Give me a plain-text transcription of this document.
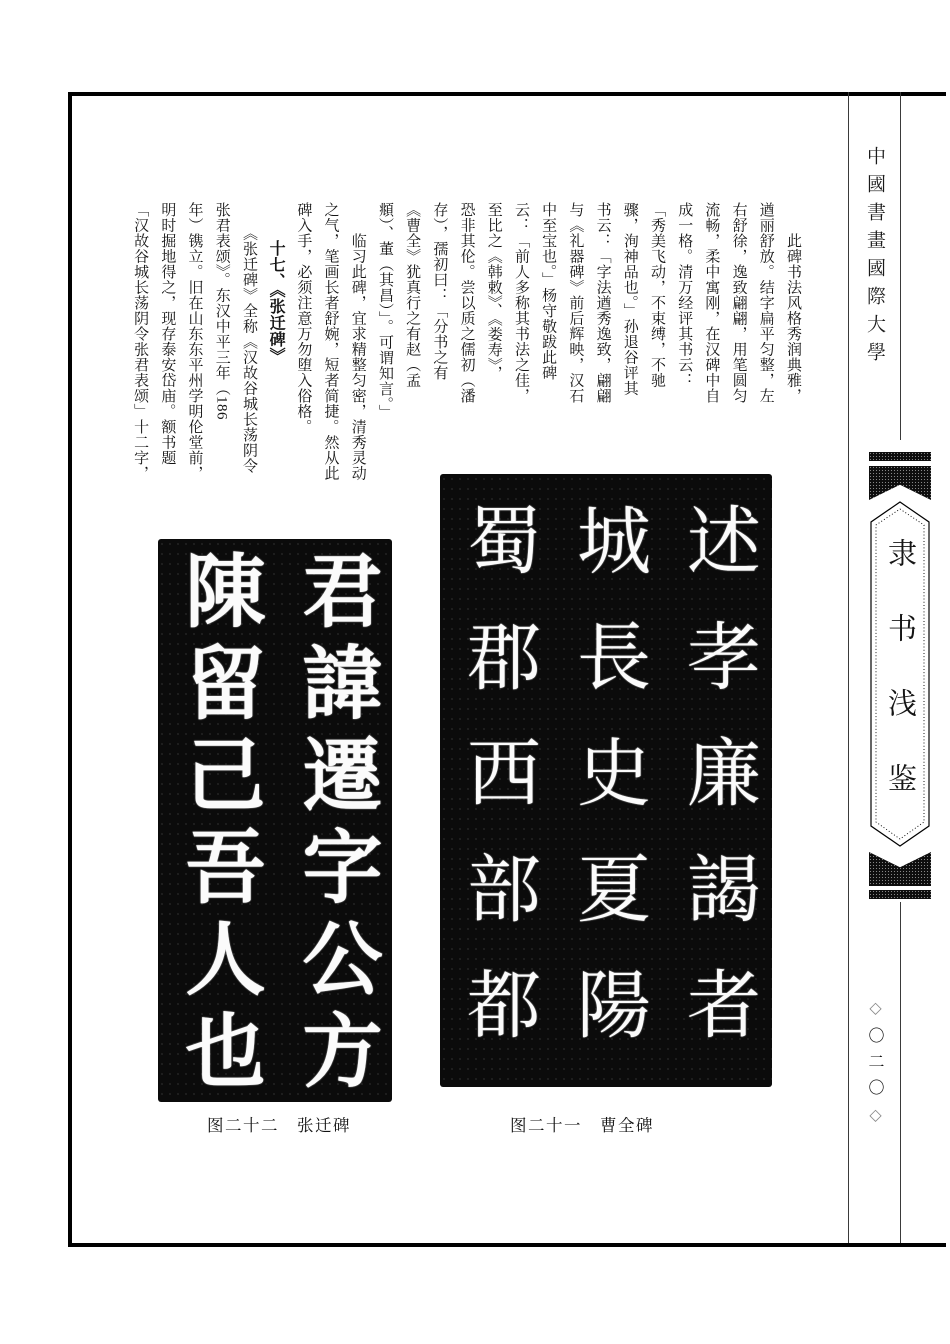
　　此碑书法风格秀润典雅，
遒丽舒放。结字扁平匀整，左
右舒徐，逸致翩翩，用笔圆匀
流畅，柔中寓刚，在汉碑中自
成一格。清万经评其书云：
「秀美飞动，不束缚，不驰
骤，洵神品也。」孙退谷评其
书云：「字法遒秀逸致，翩翩
与《礼器碑》前后辉映，汉石
中至宝也。」杨守敬跋此碑
云：「前人多称其书法之佳，
至比之《韩敕》、《娄寿》，
恐非其伦。尝以质之儒初（潘
存），孺初曰：「分书之有
《曹全》犹真行之有赵（孟
頫）、董（其昌）」。可谓知言。」
　　临习此碑，宜求精整匀密，清秀灵动
之气，笔画长者舒婉，短者简捷。然从此
碑入手，必须注意万勿堕入俗格。
十七、《张迁碑》
　　《张迁碑》全称《汉故谷城长荡阴令
张君表颂》。东汉中平三年（186
年）镌立。旧在山东东平州学明伦堂前，
明时掘地得之，现存泰安岱庙。额书题
「汉故谷城长荡阴令张君表颂」十二字，
述孝廉謁者
城長史夏陽
蜀郡西部都
君諱遷字公方
陳留己吾人也
图二十二　张迁碑	图二十一　曹全碑
中國書畫國際大學
隶书浅鉴
◇〇二〇◇
